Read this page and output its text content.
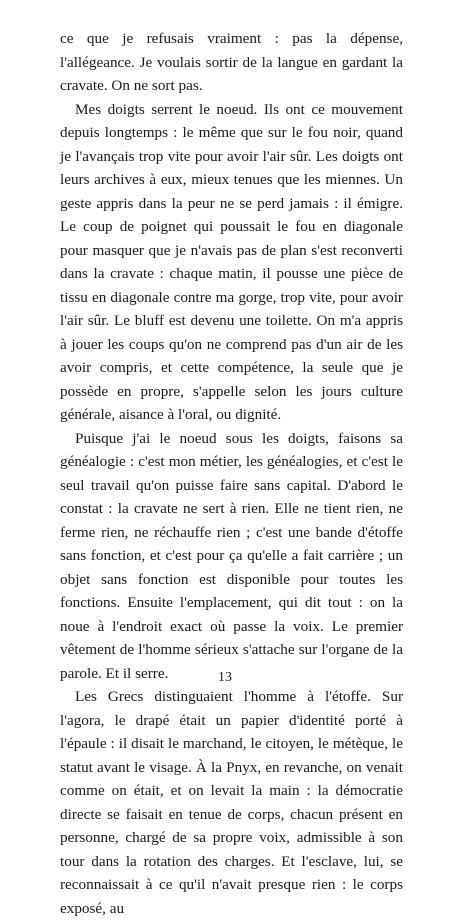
ce que je refusais vraiment : pas la dépense, l'allégeance. Je voulais sortir de la langue en gardant la cravate. On ne sort pas.

Mes doigts serrent le noeud. Ils ont ce mouvement depuis longtemps : le même que sur le fou noir, quand je l'avançais trop vite pour avoir l'air sûr. Les doigts ont leurs archives à eux, mieux tenues que les miennes. Un geste appris dans la peur ne se perd jamais : il émigre. Le coup de poignet qui poussait le fou en diagonale pour masquer que je n'avais pas de plan s'est reconverti dans la cravate : chaque matin, il pousse une pièce de tissu en diagonale contre ma gorge, trop vite, pour avoir l'air sûr. Le bluff est devenu une toilette. On m'a appris à jouer les coups qu'on ne comprend pas d'un air de les avoir compris, et cette compétence, la seule que je possède en propre, s'appelle selon les jours culture générale, aisance à l'oral, ou dignité.

Puisque j'ai le noeud sous les doigts, faisons sa généalogie : c'est mon métier, les généalogies, et c'est le seul travail qu'on puisse faire sans capital. D'abord le constat : la cravate ne sert à rien. Elle ne tient rien, ne ferme rien, ne réchauffe rien ; c'est une bande d'étoffe sans fonction, et c'est pour ça qu'elle a fait carrière ; un objet sans fonction est disponible pour toutes les fonctions. Ensuite l'emplacement, qui dit tout : on la noue à l'endroit exact où passe la voix. Le premier vêtement de l'homme sérieux s'attache sur l'organe de la parole. Et il serre.

Les Grecs distinguaient l'homme à l'étoffe. Sur l'agora, le drapé était un papier d'identité porté à l'épaule : il disait le marchand, le citoyen, le métèque, le statut avant le visage. À la Pnyx, en revanche, on venait comme on était, et on levait la main : la démocratie directe se faisait en tenue de corps, chacun présent en personne, chargé de sa propre voix, admissible à son tour dans la rotation des charges. Et l'esclave, lui, se reconnaissait à ce qu'il n'avait presque rien : le corps exposé, au

13
